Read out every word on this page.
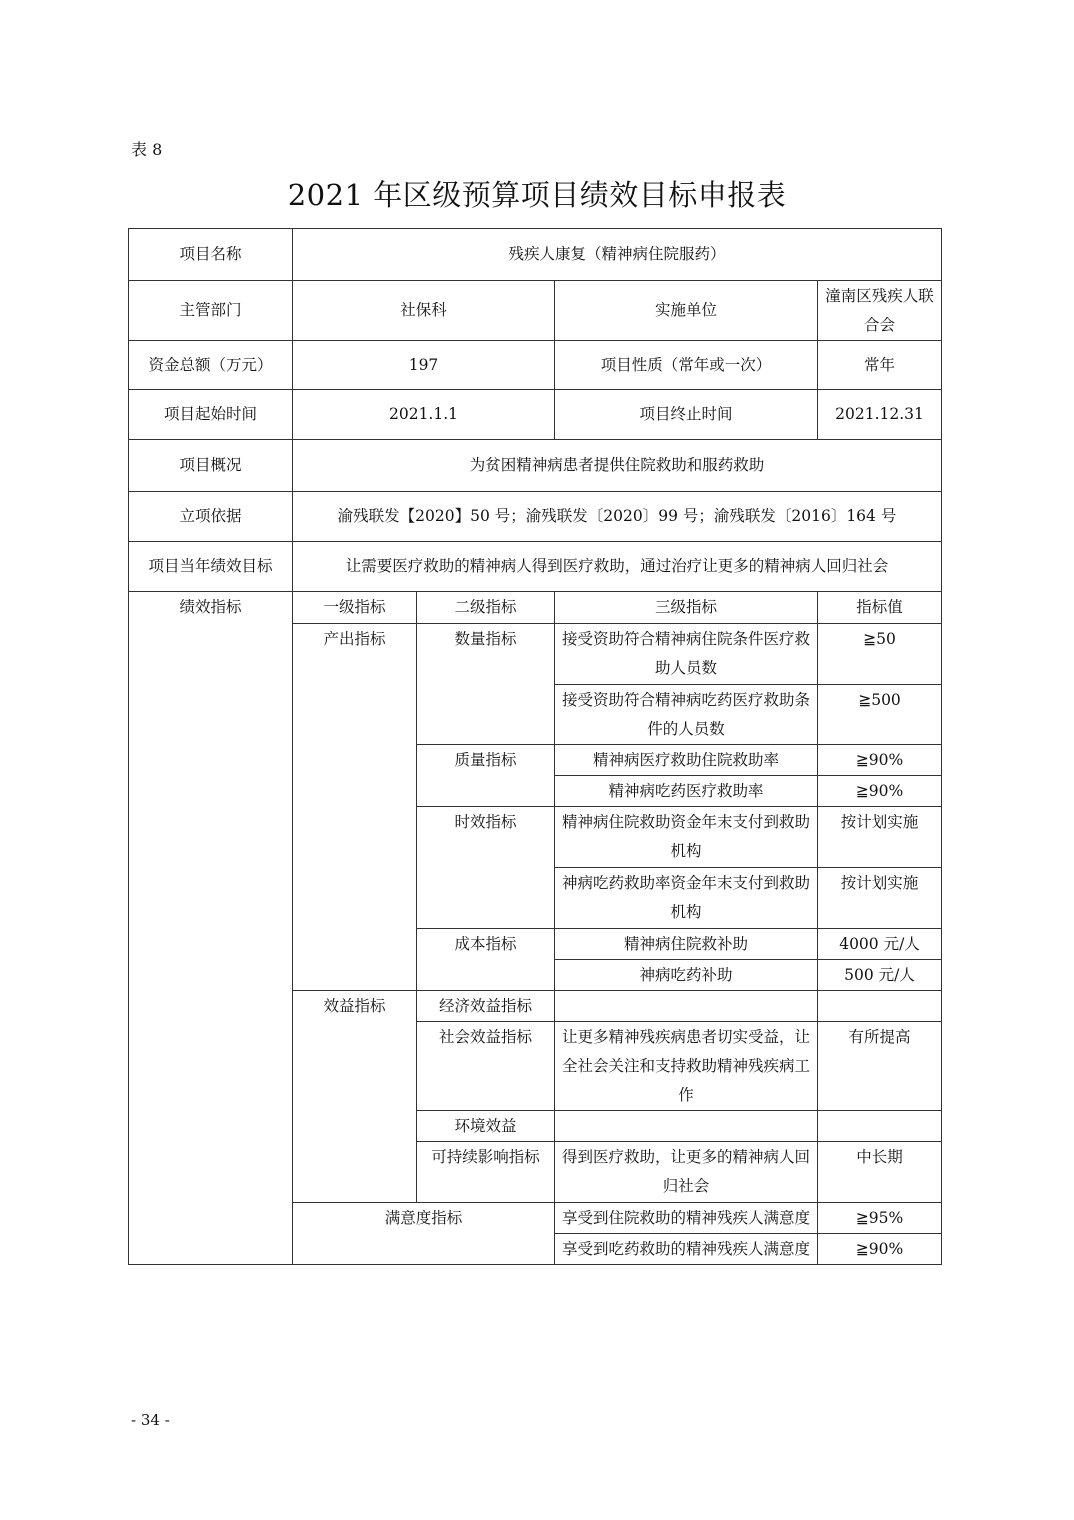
表 8
2021 年区级预算项目绩效目标申报表
项目名称	残疾人康复（精神病住院服药）			
主管部门	社保科		实施单位	潼南区残疾人联合会
资金总额（万元）	197		项目性质（常年或一次）	常年
项目起始时间	2021.1.1		项目终止时间	2021.12.31
项目概况	为贫困精神病患者提供住院救助和服药救助			
立项依据	渝残联发【2020】50 号；渝残联发〔2020〕99 号；渝残联发〔2016〕164 号			
项目当年绩效目标	让需要医疗救助的精神病人得到医疗救助，通过治疗让更多的精神病人回归社会			
绩效指标	一级指标	二级指标	三级指标	指标值
	产出指标	数量指标	接受资助符合精神病住院条件医疗救助人员数	≧50
			接受资助符合精神病吃药医疗救助条件的人员数	≧500
		质量指标	精神病医疗救助住院救助率	≧90%
			精神病吃药医疗救助率	≧90%
		时效指标	精神病住院救助资金年末支付到救助机构	按计划实施
			神病吃药救助率资金年末支付到救助机构	按计划实施
		成本指标	精神病住院救补助	4000 元/人
			神病吃药补助	500 元/人
	效益指标	经济效益指标		
		社会效益指标	让更多精神残疾病患者切实受益，让全社会关注和支持救助精神残疾病工作	有所提高
		环境效益		
		可持续影响指标	得到医疗救助，让更多的精神病人回归社会	中长期
	满意度指标		享受到住院救助的精神残疾人满意度	≧95%
			享受到吃药救助的精神残疾人满意度	≧90%
- 34 -
